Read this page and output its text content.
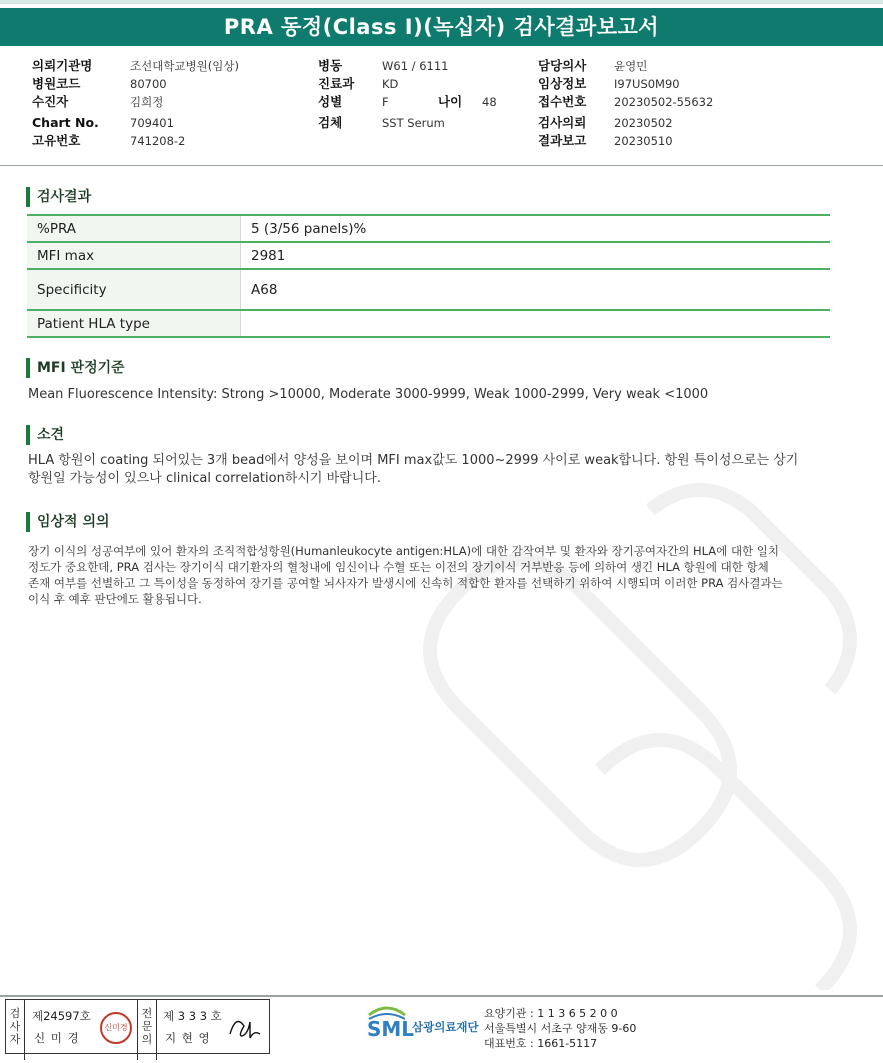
PRA 동정(Class I)(녹십자) 검사결과보고서
의뢰기관명	조선대학교병원(임상)	병동	W61 / 6111	담당의사 윤영민
병원코드	80700	진료과 KD	임상정보 I97US0M90
수진자	김희정	성별	F	나이 48	접수번호 20230502-55632
Chart No.	709401	검체	SST Serum	검사의뢰 20230502
고유번호	741208-2	결과보고 20230510
검사결과
%PRA	5 (3/56 panels)%
MFI max	2981
Specificity	A68
Patient HLA type	
MFI 판정기준
Mean Fluorescence Intensity: Strong >10000, Moderate 3000-9999, Weak 1000-2999, Very weak <1000
소견
HLA 항원이 coating 되어있는 3개 bead에서 양성을 보이며 MFI max값도 1000~2999 사이로 weak합니다. 항원 특이성으로는 상기
항원일 가능성이 있으나 clinical correlation하시기 바랍니다.
임상적 의의
장기 이식의 성공여부에 있어 환자의 조직적합성항원(Humanleukocyte antigen:HLA)에 대한 감작여부 및 환자와 장기공여자간의 HLA에 대한 일치
정도가 중요한데, PRA 검사는 장기이식 대기환자의 혈청내에 임신이나 수혈 또는 이전의 장기이식 거부반응 등에 의하여 생긴 HLA 항원에 대한 항체
존재 여부를 선별하고 그 특이성을 동정하여 장기를 공여할 뇌사자가 발생시에 신속히 적합한 환자를 선택하기 위하여 시행되며 이러한 PRA 검사결과는
이식 후 예후 판단에도 활용됩니다.
검사자
제24597호
신 미 경
신미경
전문의
제 3 3 3 호
지 현 영	SML
삼광의료재단
요양기관 : 1 1 3 6 5 2 0 0
서울특별시 서초구 양재동 9-60
대표번호 : 1661-5117
